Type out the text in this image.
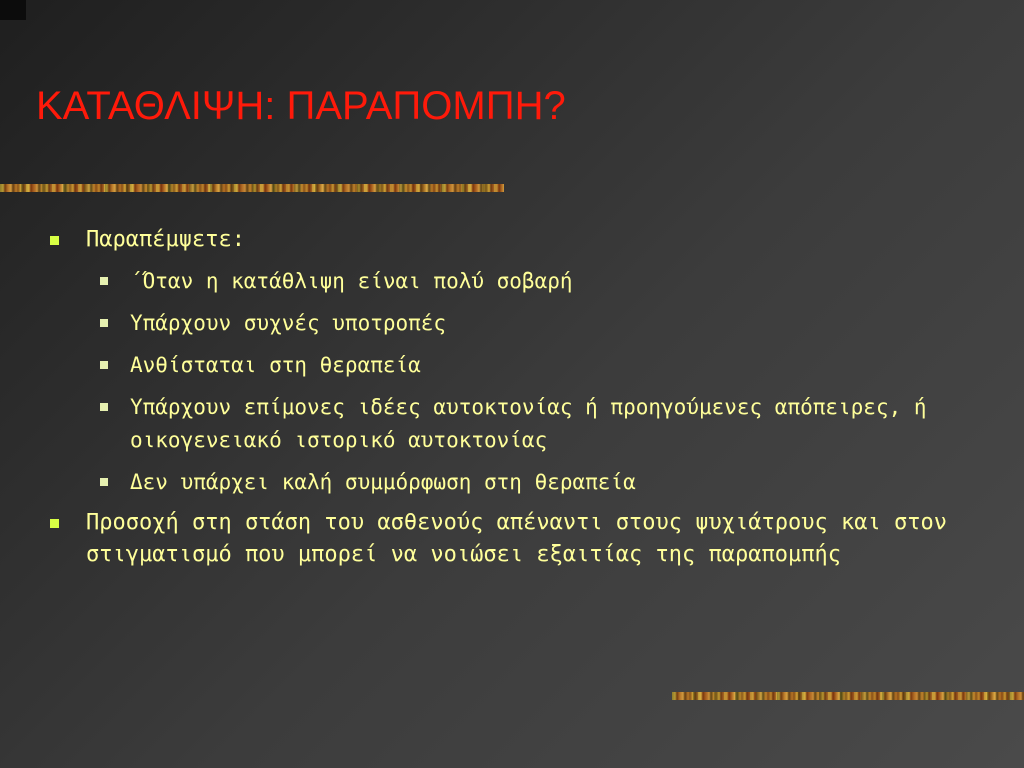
ΚΑΤΑΘΛΙΨΗ: ΠΑΡΑΠΟΜΠΗ?
Παραπέμψετε:
΄Όταν η κατάθλιψη είναι πολύ σοβαρή
Υπάρχουν συχνές υποτροπές
Ανθίσταται στη θεραπεία
Υπάρχουν επίμονες ιδέες αυτοκτονίας ή προηγούμενες απόπειρες, ή οικογενειακό ιστορικό αυτοκτονίας
Δεν υπάρχει καλή συμμόρφωση στη θεραπεία
Προσοχή στη στάση του ασθενούς απέναντι στους ψυχιάτρους και στον στιγματισμό που μπορεί να νοιώσει εξαιτίας της παραπομπής
